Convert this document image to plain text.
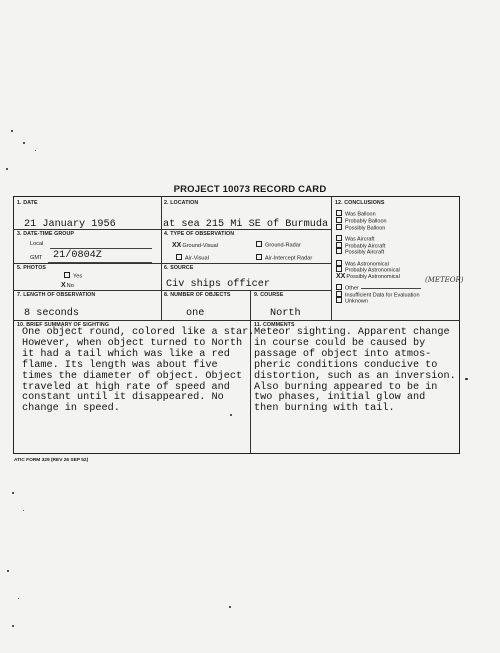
PROJECT 10073 RECORD CARD
1. DATE
21 January 1956
2. LOCATION
at sea 215 Mi SE of Burmuda
3. DATE-TIME GROUP
Local
GMT 21/0804Z
4. TYPE OF OBSERVATION
XXGround-Visual	Ground-Radar
Air-Visual	Air-Intercept Radar
5. PHOTOS
Yes
XNo
6. SOURCE
Civ ships officer
7. LENGTH OF OBSERVATION
8 seconds
8. NUMBER OF OBJECTS
one
9. COURSE
North
10. BRIEF SUMMARY OF SIGHTING
One object round, colored like a star.
However, when object turned to North
it had a tail which was like a red
flame. Its length was about five
times the diameter of object. Object
traveled at high rate of speed and
constant until it disappeared. No
change in speed.
11. COMMENTS
Meteor sighting. Apparent change
in course could be caused by
passage of object into atmos-
pheric conditions conducive to
distortion, such as an inversion.
Also burning appeared to be in
two phases, initial glow and
then burning with tail.
12. CONCLUSIONS
Was Balloon
Probably Balloon
Possibly Balloon
Was Aircraft
Probably Aircraft
Possibly Aircraft
Was Astronomical
Probably Astronomical
XXPossibly Astronomical
Other
Insufficient Data for Evaluation
Unknown
(METEOR)
ATIC FORM 329 (REV 26 SEP 52)
